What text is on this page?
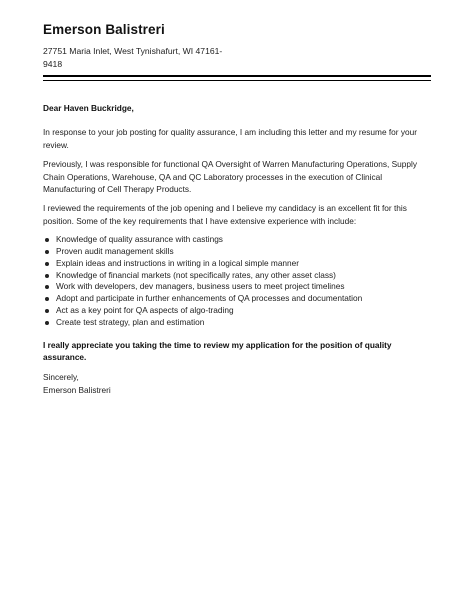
Emerson Balistreri
27751 Maria Inlet, West Tynishafurt, WI 47161-
9418

Dear Haven Buckridge,

In response to your job posting for quality assurance, I am including this letter and my resume for your review.

Previously, I was responsible for functional QA Oversight of Warren Manufacturing Operations, Supply Chain Operations, Warehouse, QA and QC Laboratory processes in the execution of Clinical Manufacturing of Cell Therapy Products.

I reviewed the requirements of the job opening and I believe my candidacy is an excellent fit for this position. Some of the key requirements that I have extensive experience with include:

Knowledge of quality assurance with castings
Proven audit management skills
Explain ideas and instructions in writing in a logical simple manner
Knowledge of financial markets (not specifically rates, any other asset class)
Work with developers, dev managers, business users to meet project timelines
Adopt and participate in further enhancements of QA processes and documentation
Act as a key point for QA aspects of algo-trading
Create test strategy, plan and estimation

I really appreciate you taking the time to review my application for the position of quality assurance.

Sincerely,

Emerson Balistreri
